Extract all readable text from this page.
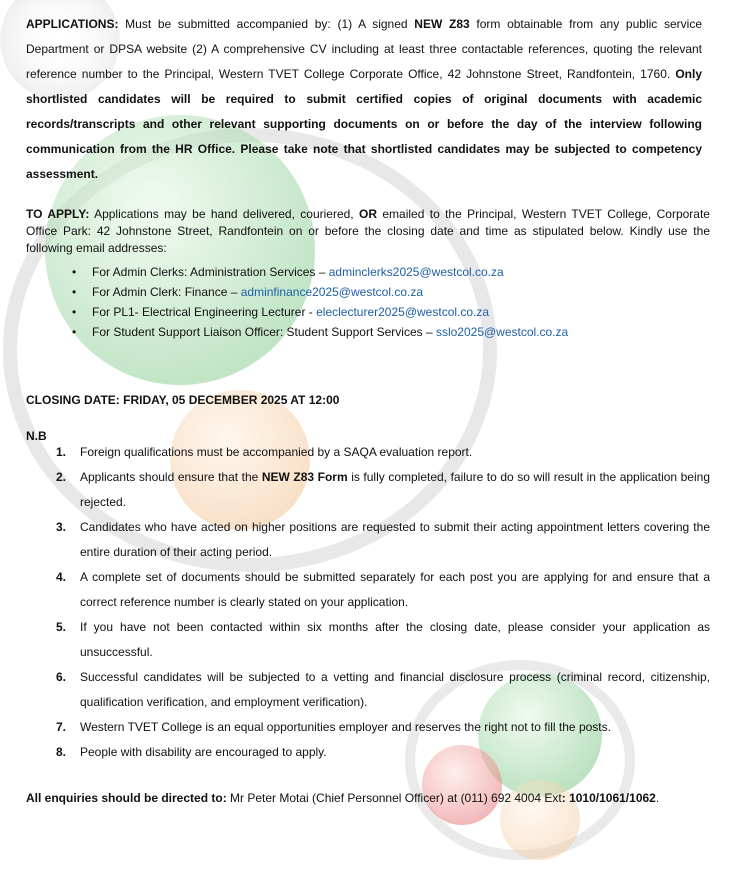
APPLICATIONS: Must be submitted accompanied by: (1) A signed NEW Z83 form obtainable from any public service Department or DPSA website (2) A comprehensive CV including at least three contactable references, quoting the relevant reference number to the Principal, Western TVET College Corporate Office, 42 Johnstone Street, Randfontein, 1760. Only shortlisted candidates will be required to submit certified copies of original documents with academic records/transcripts and other relevant supporting documents on or before the day of the interview following communication from the HR Office. Please take note that shortlisted candidates may be subjected to competency assessment.

TO APPLY: Applications may be hand delivered, couriered, OR emailed to the Principal, Western TVET College, Corporate Office Park: 42 Johnstone Street, Randfontein on or before the closing date and time as stipulated below. Kindly use the following email addresses:

• For Admin Clerks: Administration Services – adminclerks2025@westcol.co.za
• For Admin Clerk: Finance – adminfinance2025@westcol.co.za
• For PL1- Electrical Engineering Lecturer - eleclecturer2025@westcol.co.za
• For Student Support Liaison Officer: Student Support Services – sslo2025@westcol.co.za
CLOSING DATE: FRIDAY, 05 DECEMBER 2025 AT 12:00
N.B
1. Foreign qualifications must be accompanied by a SAQA evaluation report.
2. Applicants should ensure that the NEW Z83 Form is fully completed, failure to do so will result in the application being rejected.
3. Candidates who have acted on higher positions are requested to submit their acting appointment letters covering the entire duration of their acting period.
4. A complete set of documents should be submitted separately for each post you are applying for and ensure that a correct reference number is clearly stated on your application.
5. If you have not been contacted within six months after the closing date, please consider your application as unsuccessful.
6. Successful candidates will be subjected to a vetting and financial disclosure process (criminal record, citizenship, qualification verification, and employment verification).
7. Western TVET College is an equal opportunities employer and reserves the right not to fill the posts.
8. People with disability are encouraged to apply.
All enquiries should be directed to: Mr Peter Motai (Chief Personnel Officer) at (011) 692 4004 Ext: 1010/1061/1062.
